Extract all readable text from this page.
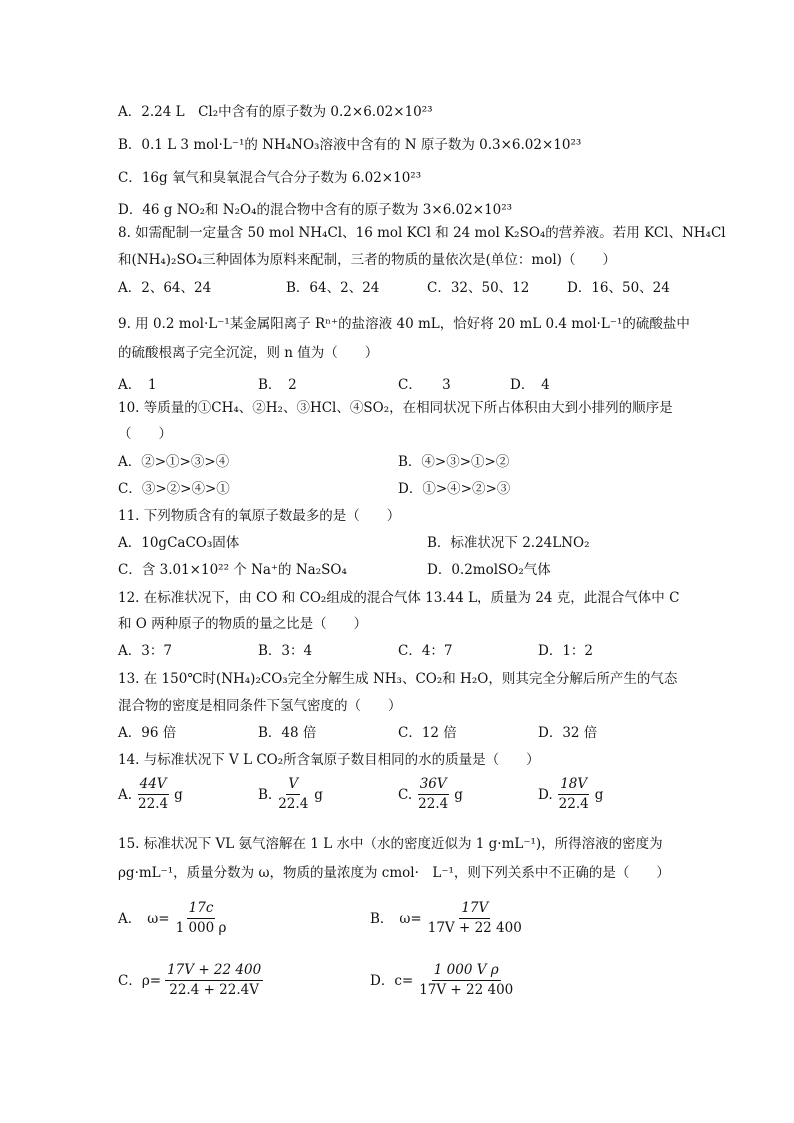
A．2.24 L　Cl₂中含有的原子数为 0.2×6.02×10²³
B．0.1 L 3 mol·L⁻¹的 NH₄NO₃溶液中含有的 N 原子数为 0.3×6.02×10²³
C．16g 氧气和臭氧混合气合分子数为 6.02×10²³
D．46 g NO₂和 N₂O₄的混合物中含有的原子数为 3×6.02×10²³
8. 如需配制一定量含 50 mol NH₄Cl、16 mol KCl 和 24 mol K₂SO₄的营养液。若用 KCl、NH₄Cl
和(NH₄)₂SO₄三种固体为原料来配制，三者的物质的量依次是(单位：mol)（　　）
A．2、64、24	B．64、2、24	C．32、50、12	D．16、50、24
9. 用 0.2 mol·L⁻¹某金属阳离子 Rⁿ⁺的盐溶液 40 mL，恰好将 20 mL 0.4 mol·L⁻¹的硫酸盐中
的硫酸根离子完全沉淀，则 n 值为（　　）
A．　1	B．　2	C．　　3	D．　4
10. 等质量的①CH₄、②H₂、③HCl、④SO₂，在相同状况下所占体积由大到小排列的顺序是
（　　）
A．②>①>③>④	B．④>③>①>②
C．③>②>④>①	D．①>④>②>③
11. 下列物质含有的氧原子数最多的是（　　）
A．10gCaCO₃固体	B．标准状况下 2.24LNO₂
C．含 3.01×10²² 个 Na⁺的 Na₂SO₄	D．0.2molSO₂气体
12. 在标准状况下，由 CO 和 CO₂组成的混合气体 13.44 L，质量为 24 克，此混合气体中 C
和 O 两种原子的物质的量之比是（　　）
A．3：7	B．3：4	C．4：7	D．1：2
13. 在 150℃时(NH₄)₂CO₃完全分解生成 NH₃、CO₂和 H₂O，则其完全分解后所产生的气态
混合物的密度是相同条件下氢气密度的（　　）
A．96 倍	B．48 倍	C．12 倍	D．32 倍
14. 与标准状况下 V L CO₂所含氧原子数目相同的水的质量是（　　）
A. $\frac{44V}{22.4}$ g	B. $\frac{V}{22.4}$ g	C. $\frac{36V}{22.4}$ g	D. $\frac{18V}{22.4}$ g
15. 标准状况下 VL 氨气溶解在 1 L 水中（水的密度近似为 1 g·mL⁻¹)，所得溶液的密度为
ρg·mL⁻¹，质量分数为 ω，物质的量浓度为 cmol·　L⁻¹，则下列关系中不正确的是（　　）
A． $\omega= \frac{17c}{1 000 \rho}$	B． $\omega= \frac{17V}{17V + 22 400}$
C． $\rho= \frac{17V + 22 400}{22.4 + 22.4V}$	D． $c= \frac{\text{1 000 V ρ}}{17V + 22 400}$
